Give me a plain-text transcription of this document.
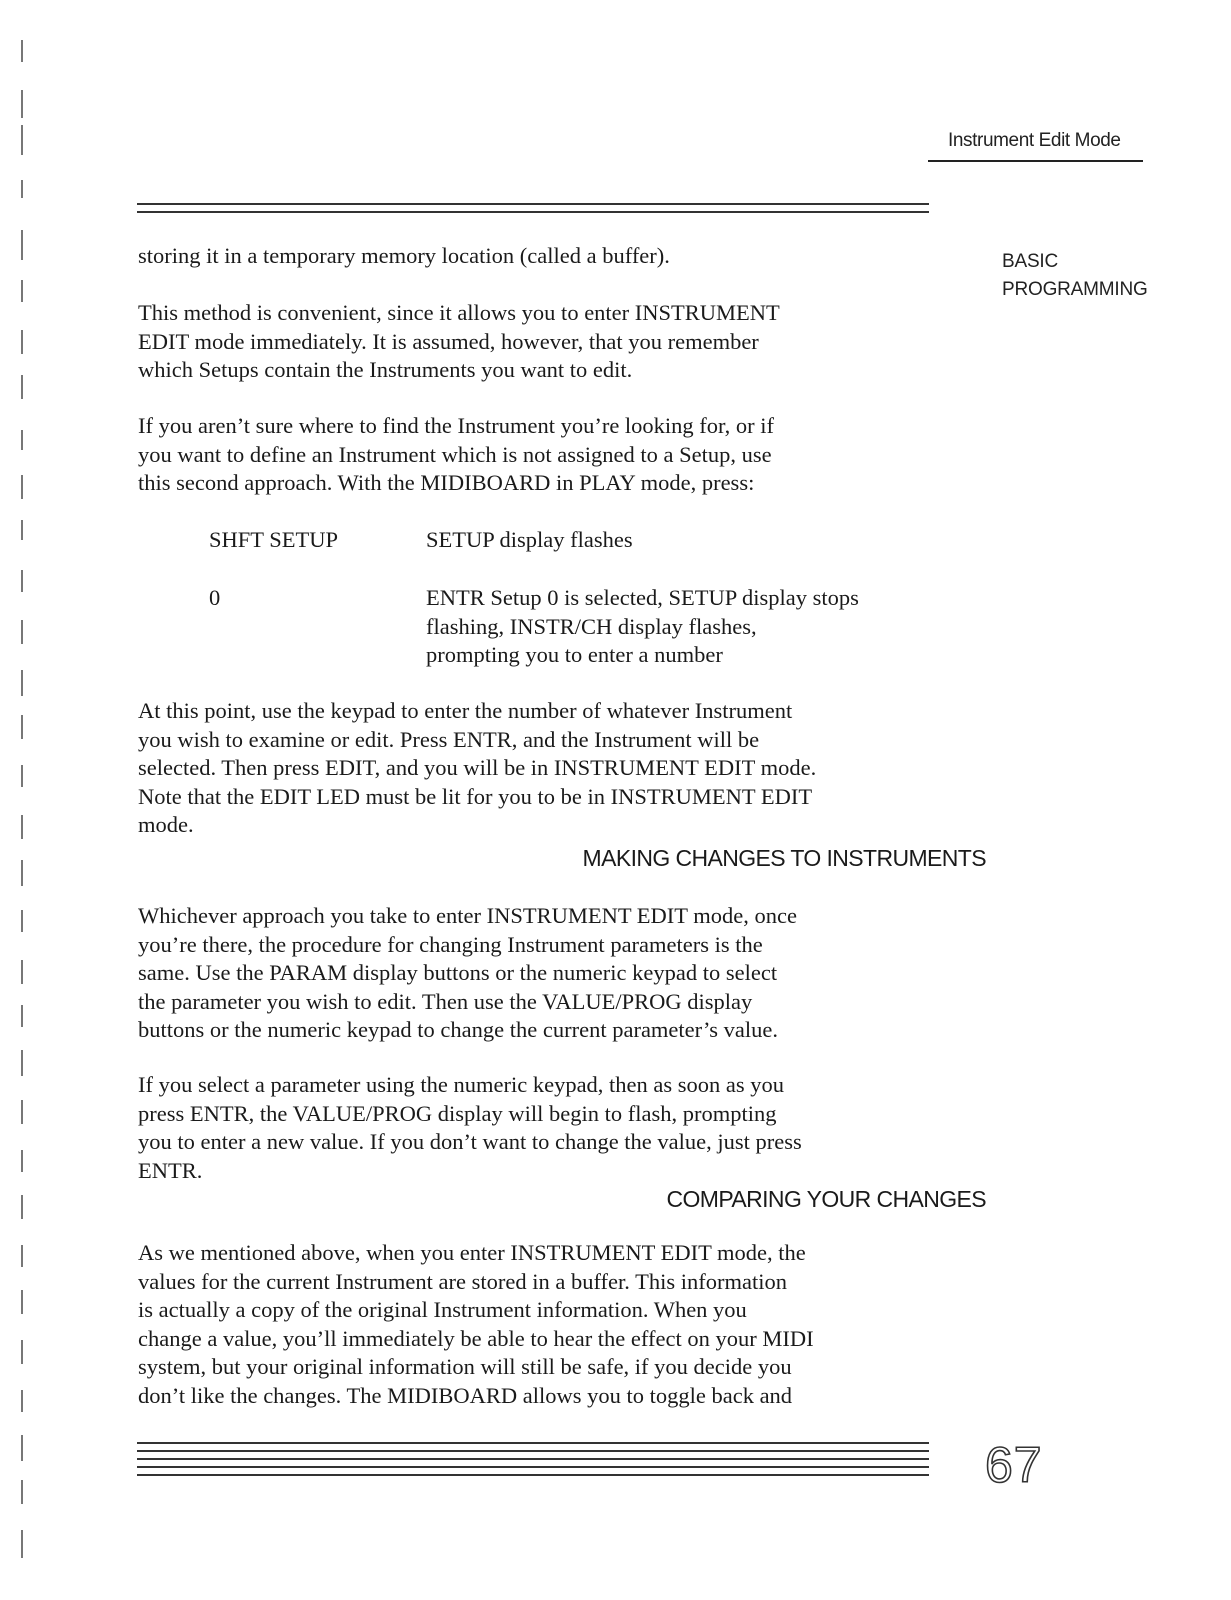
Instrument Edit Mode
BASIC
PROGRAMMING

storing it in a temporary memory location (called a buffer).

This method is convenient, since it allows you to enter INSTRUMENT
EDIT mode immediately. It is assumed, however, that you remember
which Setups contain the Instruments you want to edit.

If you aren’t sure where to find the Instrument you’re looking for, or if
you want to define an Instrument which is not assigned to a Setup, use
this second approach. With the MIDIBOARD in PLAY mode, press:

SHFT SETUP	SETUP display flashes
0	ENTR Setup 0 is selected, SETUP display stops
flashing, INSTR/CH display flashes,
prompting you to enter a number

At this point, use the keypad to enter the number of whatever Instrument
you wish to examine or edit. Press ENTR, and the Instrument will be
selected. Then press EDIT, and you will be in INSTRUMENT EDIT mode.
Note that the EDIT LED must be lit for you to be in INSTRUMENT EDIT
mode.

MAKING CHANGES TO INSTRUMENTS

Whichever approach you take to enter INSTRUMENT EDIT mode, once
you’re there, the procedure for changing Instrument parameters is the
same. Use the PARAM display buttons or the numeric keypad to select
the parameter you wish to edit. Then use the VALUE/PROG display
buttons or the numeric keypad to change the current parameter’s value.

If you select a parameter using the numeric keypad, then as soon as you
press ENTR, the VALUE/PROG display will begin to flash, prompting
you to enter a new value. If you don’t want to change the value, just press
ENTR.

COMPARING YOUR CHANGES

As we mentioned above, when you enter INSTRUMENT EDIT mode, the
values for the current Instrument are stored in a buffer. This information
is actually a copy of the original Instrument information. When you
change a value, you’ll immediately be able to hear the effect on your MIDI
system, but your original information will still be safe, if you decide you
don’t like the changes. The MIDIBOARD allows you to toggle back and

67
